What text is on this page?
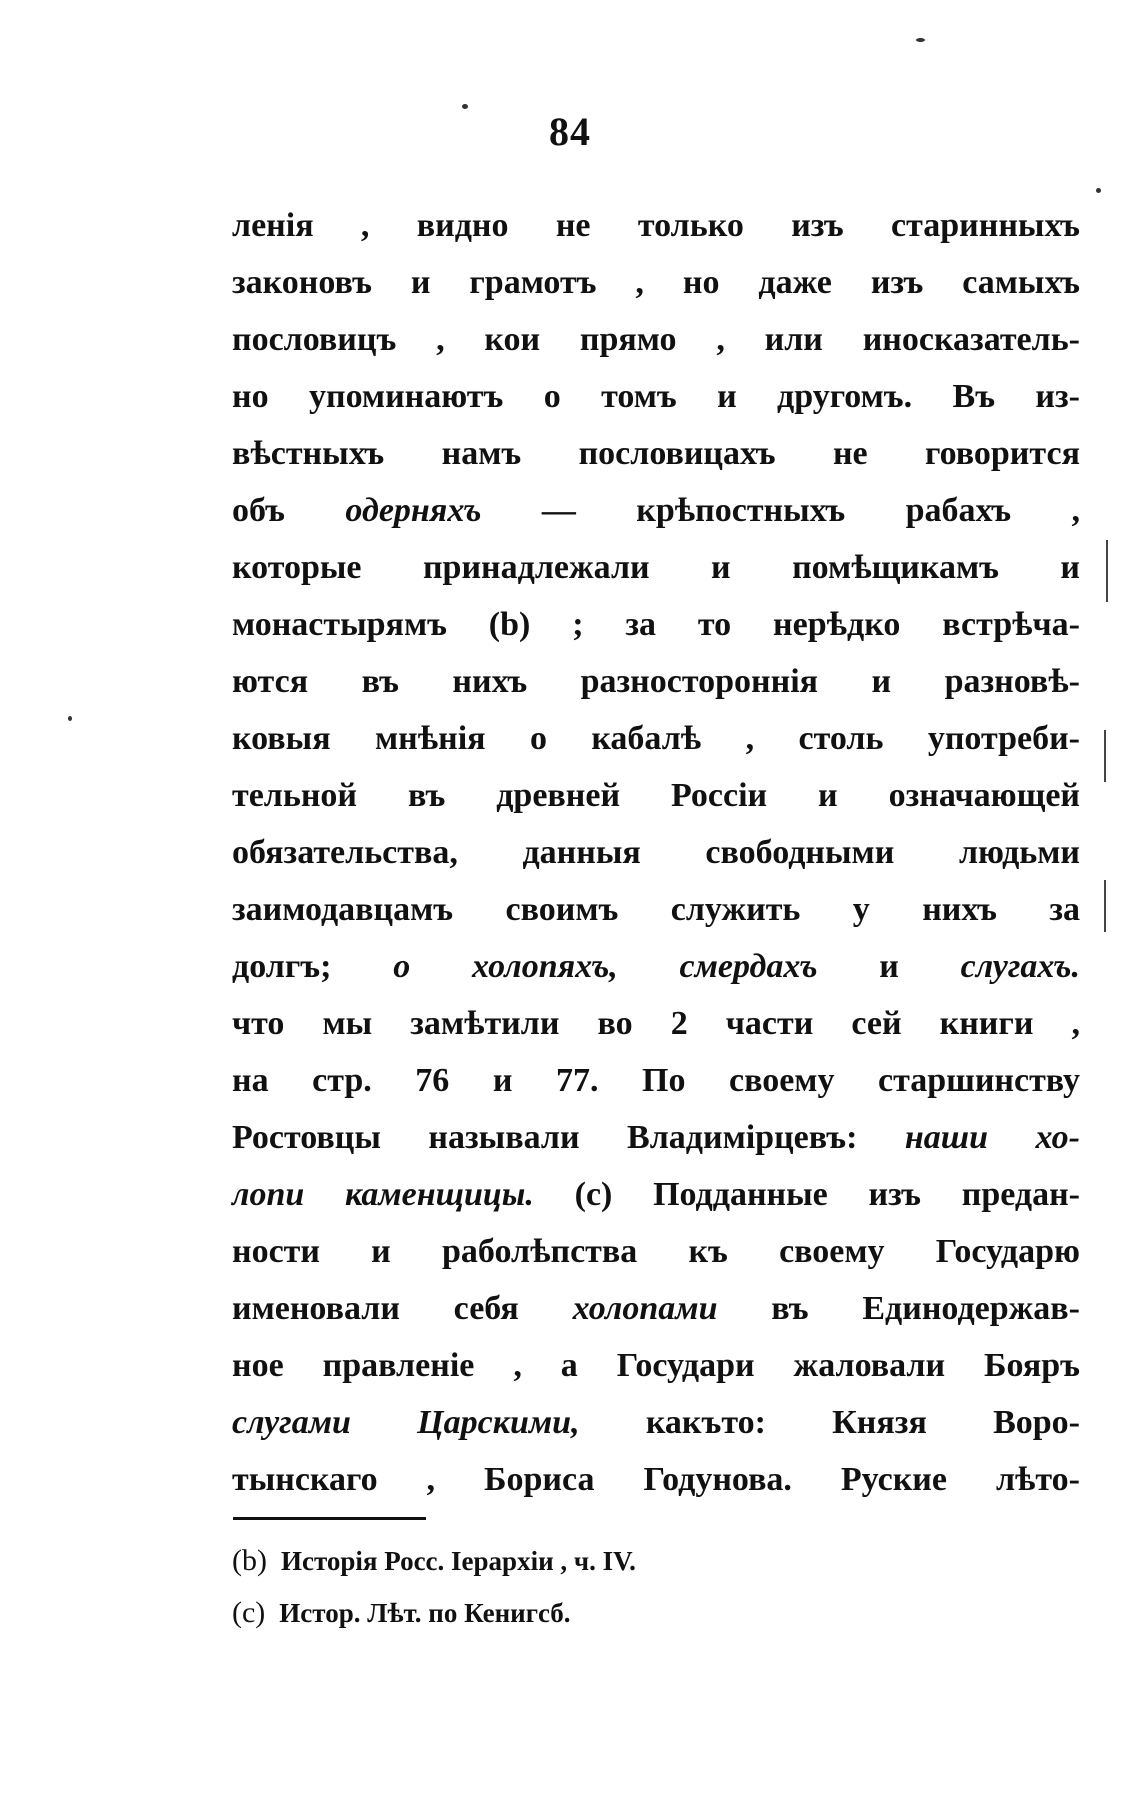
84
ленія , видно не только изъ старинныхъ
законовъ и грамотъ , но даже изъ самыхъ
пословицъ , кои прямо , или иносказатель-
но упоминаютъ о томъ и другомъ. Въ из-
вѣстныхъ намъ пословицахъ не говорится
объ одерняхъ — крѣпостныхъ рабахъ ,
которые принадлежали и помѣщикамъ и
монастырямъ (b) ; за то нерѣдко встрѣча-
ются въ нихъ разностороннія и разновѣ-
ковыя мнѣнія о кабалѣ , столь употреби-
тельной въ древней Россіи и означающей
обязательства, данныя свободными людьми
заимодавцамъ своимъ служить у нихъ за
долгъ; о холопяхъ, смердахъ и слугахъ.
что мы замѣтили во 2 части сей книги ,
на стр. 76 и 77. По своему старшинству
Ростовцы называли Владимірцевъ: наши хо-
лопи каменщицы. (c) Подданные изъ предан-
ности и раболѣпства къ своему Государю
именовали себя холопами въ Единодержав-
ное правленіе , а Государи жаловали Бояръ
слугами Царскими, какъто: Князя Воро-
тынскаго , Бориса Годунова. Руские лѣто-
(b) Исторія Росс. Іерархіи , ч. IV.
(c) Истор. Лѣт. по Кенигсб.
